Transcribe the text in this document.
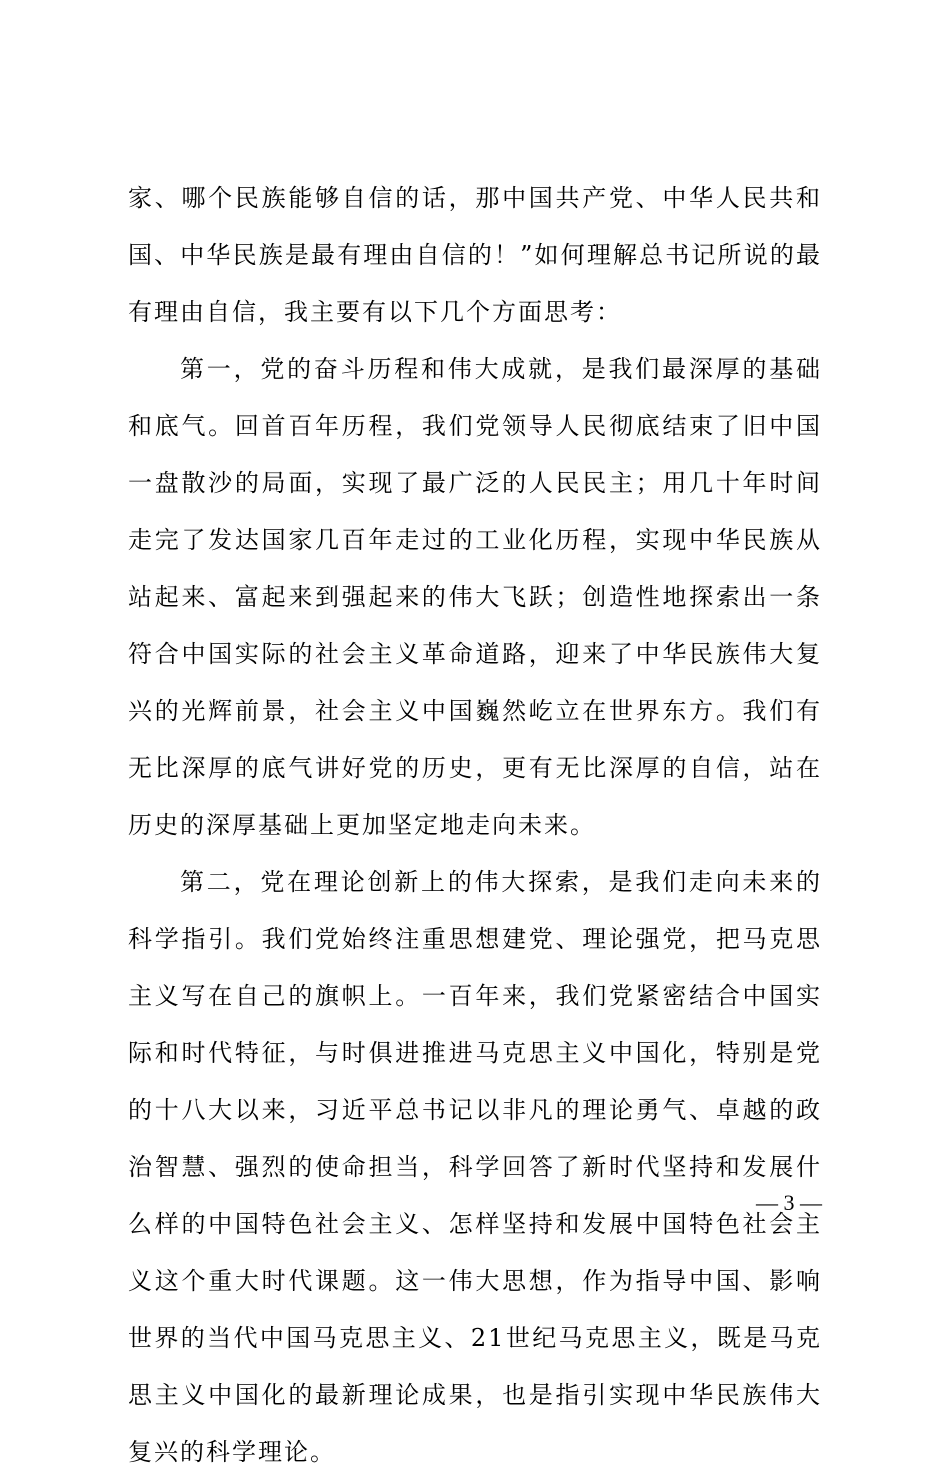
家、哪个民族能够自信的话，那中国共产党、中华人民共和国、中华民族是最有理由自信的！”如何理解总书记所说的最有理由自信，我主要有以下几个方面思考：

第一，党的奋斗历程和伟大成就，是我们最深厚的基础和底气。回首百年历程，我们党领导人民彻底结束了旧中国一盘散沙的局面，实现了最广泛的人民民主；用几十年时间走完了发达国家几百年走过的工业化历程，实现中华民族从站起来、富起来到强起来的伟大飞跃；创造性地探索出一条符合中国实际的社会主义革命道路，迎来了中华民族伟大复兴的光辉前景，社会主义中国巍然屹立在世界东方。我们有无比深厚的底气讲好党的历史，更有无比深厚的自信，站在历史的深厚基础上更加坚定地走向未来。

第二，党在理论创新上的伟大探索，是我们走向未来的科学指引。我们党始终注重思想建党、理论强党，把马克思主义写在自己的旗帜上。一百年来，我们党紧密结合中国实际和时代特征，与时俱进推进马克思主义中国化，特别是党的十八大以来，习近平总书记以非凡的理论勇气、卓越的政治智慧、强烈的使命担当，科学回答了新时代坚持和发展什么样的中国特色社会主义、怎样坚持和发展中国特色社会主义这个重大时代课题。这一伟大思想，作为指导中国、影响世界的当代中国马克思主义、21世纪马克思主义，既是马克思主义中国化的最新理论成果，也是指引实现中华民族伟大复兴的科学理论。

— 3 —
